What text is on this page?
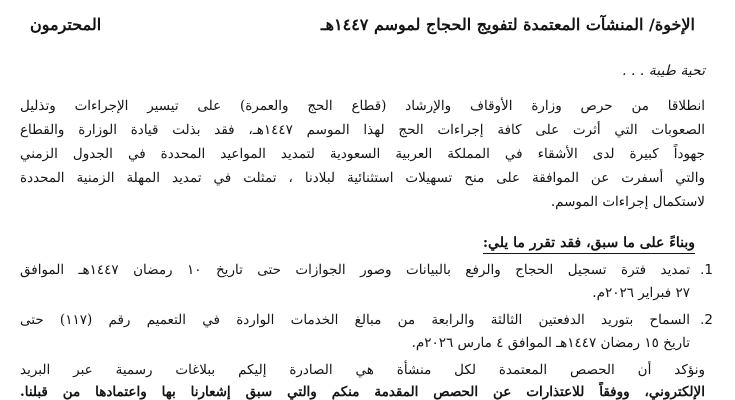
الإخوة/ المنشآت المعتمدة لتفويج الحجاج لموسم ١٤٤٧هـ
المحترمون
تحية طيبة . . .
انطلاقا من حرص وزارة الأوقاف والإرشاد (قطاع الحج والعمرة) على تيسير الإجراءات وتذليل
الصعوبات التي أثرت على كافة إجراءات الحج لهذا الموسم ١٤٤٧هـ، فقد بذلت قيادة الوزارة والقطاع
جهوداً كبيرة لدى الأشقاء في المملكة العربية السعودية لتمديد المواعيد المحددة في الجدول الزمني
والتي أسفرت عن الموافقة على منح تسهيلات استثنائية لبلادنا ، تمثلت في تمديد المهلة الزمنية المحددة
لاستكمال إجراءات الموسم.
وبناءً على ما سبق، فقد تقرر ما يلي:
1.
تمديد فترة تسجيل الحجاج والرفع بالبيانات وصور الجوازات حتى تاريخ ١٠ رمضان ١٤٤٧هـ الموافق
٢٧ فبراير ٢٠٢٦م.
2.
السماح بتوريد الدفعتين الثالثة والرابعة من مبالغ الخدمات الواردة في التعميم رقم (١١٧) حتى
تاريخ ١٥ رمضان ١٤٤٧هـ الموافق ٤ مارس ٢٠٢٦م.
ونؤكد أن الحصص المعتمدة لكل منشأة هي الصادرة إليكم ببلاغات رسمية عبر البريد
الإلكتروني، ووفقاً للاعتذارات عن الحصص المقدمة منكم والتي سبق إشعارنا بها واعتمادها من قبلنا.
